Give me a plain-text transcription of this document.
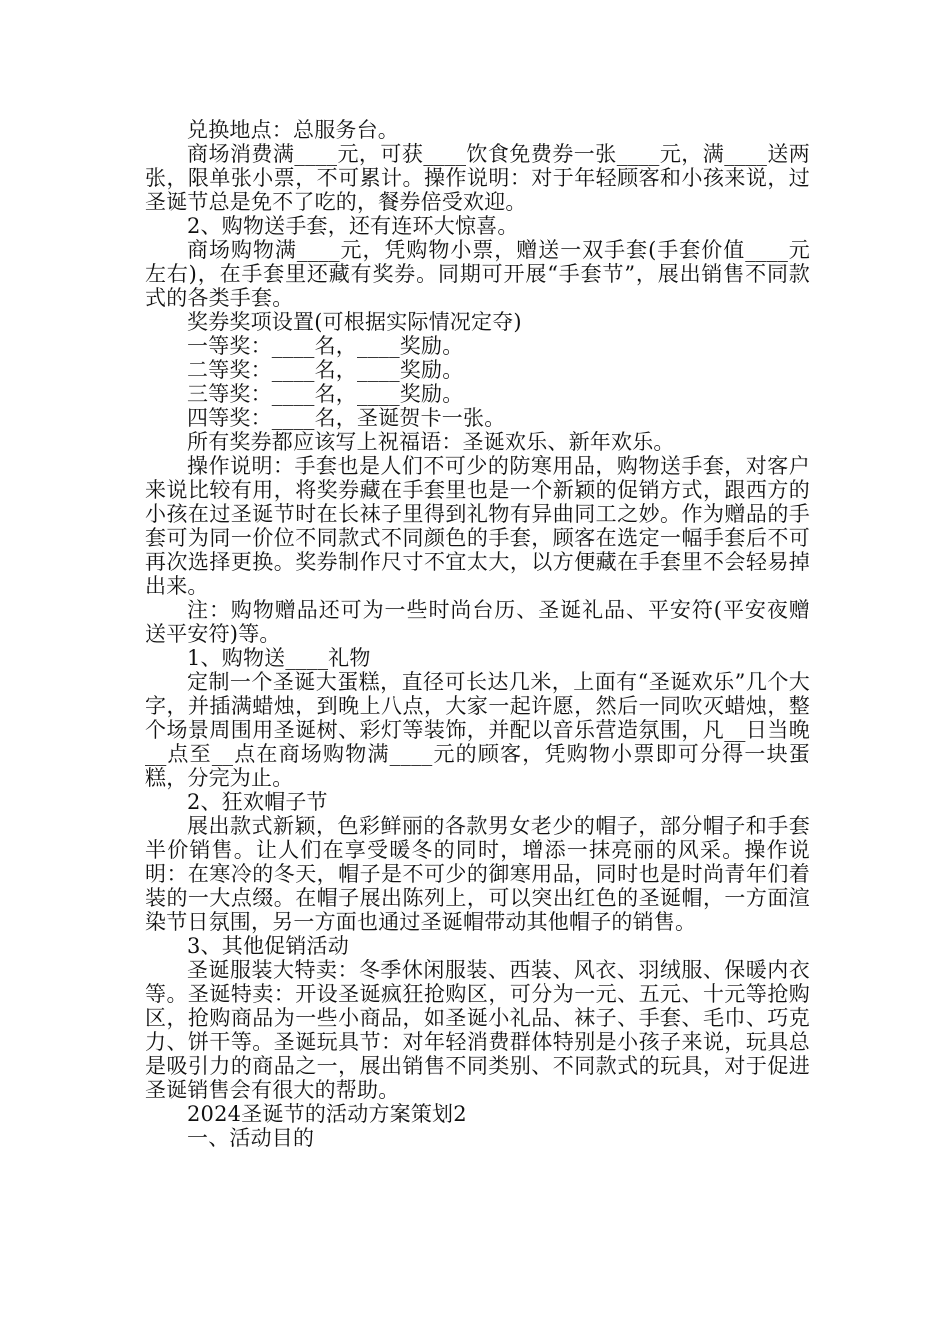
兑换地点：总服务台。

商场消费满____元，可获____饮食免费券一张____元，满____送两张，限单张小票，不可累计。操作说明：对于年轻顾客和小孩来说，过圣诞节总是免不了吃的，餐券倍受欢迎。

2、购物送手套，还有连环大惊喜。

商场购物满____元，凭购物小票，赠送一双手套(手套价值____元左右)，在手套里还藏有奖券。同期可开展“手套节”，展出销售不同款式的各类手套。

奖券奖项设置(可根据实际情况定夺)

一等奖：____名，____奖励。

二等奖：____名，____奖励。

三等奖：____名，____奖励。

四等奖：____名，圣诞贺卡一张。

所有奖券都应该写上祝福语：圣诞欢乐、新年欢乐。

操作说明：手套也是人们不可少的防寒用品，购物送手套，对客户来说比较有用，将奖券藏在手套里也是一个新颖的促销方式，跟西方的小孩在过圣诞节时在长袜子里得到礼物有异曲同工之妙。作为赠品的手套可为同一价位不同款式不同颜色的手套，顾客在选定一幅手套后不可再次选择更换。奖券制作尺寸不宜太大，以方便藏在手套里不会轻易掉出来。

注：购物赠品还可为一些时尚台历、圣诞礼品、平安符(平安夜赠送平安符)等。

1、购物送____礼物

定制一个圣诞大蛋糕，直径可长达几米，上面有“圣诞欢乐”几个大字，并插满蜡烛，到晚上八点，大家一起许愿，然后一同吹灭蜡烛，整个场景周围用圣诞树、彩灯等装饰，并配以音乐营造氛围，凡__日当晚__点至__点在商场购物满____元的顾客，凭购物小票即可分得一块蛋糕，分完为止。

2、狂欢帽子节

展出款式新颖，色彩鲜丽的各款男女老少的帽子，部分帽子和手套半价销售。让人们在享受暖冬的同时，增添一抹亮丽的风采。操作说明：在寒冷的冬天，帽子是不可少的御寒用品，同时也是时尚青年们着装的一大点缀。在帽子展出陈列上，可以突出红色的圣诞帽，一方面渲染节日氛围，另一方面也通过圣诞帽带动其他帽子的销售。

3、其他促销活动

圣诞服装大特卖：冬季休闲服装、西装、风衣、羽绒服、保暖内衣等。圣诞特卖：开设圣诞疯狂抢购区，可分为一元、五元、十元等抢购区，抢购商品为一些小商品，如圣诞小礼品、袜子、手套、毛巾、巧克力、饼干等。圣诞玩具节：对年轻消费群体特别是小孩子来说，玩具总是吸引力的商品之一，展出销售不同类别、不同款式的玩具，对于促进圣诞销售会有很大的帮助。

2024圣诞节的活动方案策划2

一、活动目的
